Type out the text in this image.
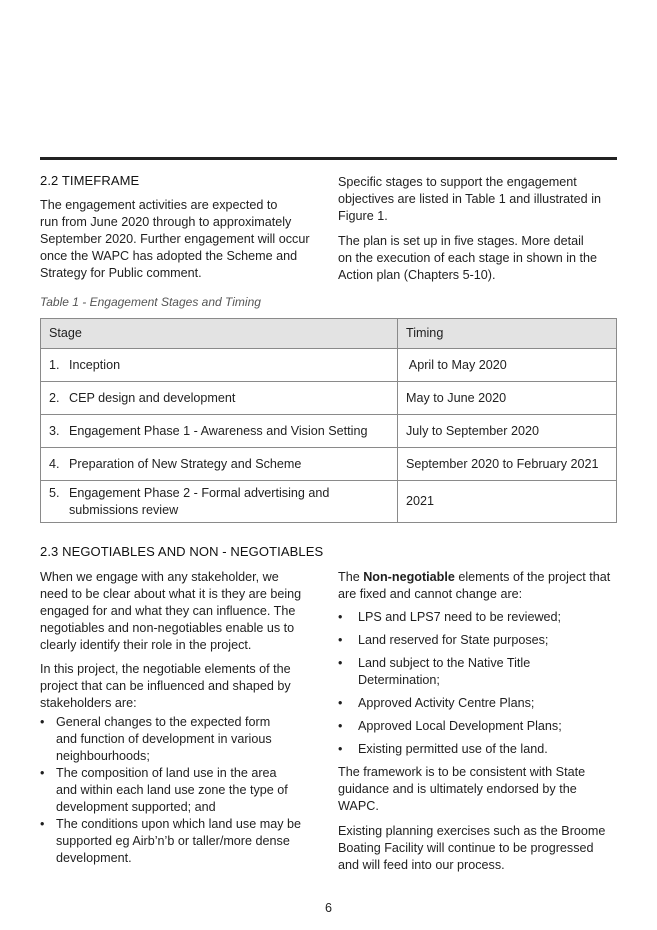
2.2 TIMEFRAME

The engagement activities are expected to
run from June 2020 through to approximately
September 2020. Further engagement will occur
once the WAPC has adopted the Scheme and
Strategy for Public comment.

Specific stages to support the engagement
objectives are listed in Table 1 and illustrated in
Figure 1.

The plan is set up in five stages. More detail
on the execution of each stage in shown in the
Action plan (Chapters 5-10).

Table 1 - Engagement Stages and Timing
Stage	Timing
1. Inception	April to May 2020
2. CEP design and development	May to June 2020
3. Engagement Phase 1 - Awareness and Vision Setting	July to September 2020
4. Preparation of New Strategy and Scheme	September 2020 to February 2021
5. Engagement Phase 2 - Formal advertising and
submissions review	2021
2.3 NEGOTIABLES AND NON - NEGOTIABLES

When we engage with any stakeholder, we
need to be clear about what it is they are being
engaged for and what they can influence. The
negotiables and non-negotiables enable us to
clearly identify their role in the project.

In this project, the negotiable elements of the
project that can be influenced and shaped by
stakeholders are:

• General changes to the expected form
and function of development in various
neighbourhoods;
• The composition of land use in the area
and within each land use zone the type of
development supported; and
• The conditions upon which land use may be
supported eg Airb’n’b or taller/more dense
development.

The Non-negotiable elements of the project that
are fixed and cannot change are:

• LPS and LPS7 need to be reviewed;
• Land reserved for State purposes;
• Land subject to the Native Title
Determination;
• Approved Activity Centre Plans;
• Approved Local Development Plans;
• Existing permitted use of the land.

The framework is to be consistent with State
guidance and is ultimately endorsed by the
WAPC.

Existing planning exercises such as the Broome
Boating Facility will continue to be progressed
and will feed into our process.

6
